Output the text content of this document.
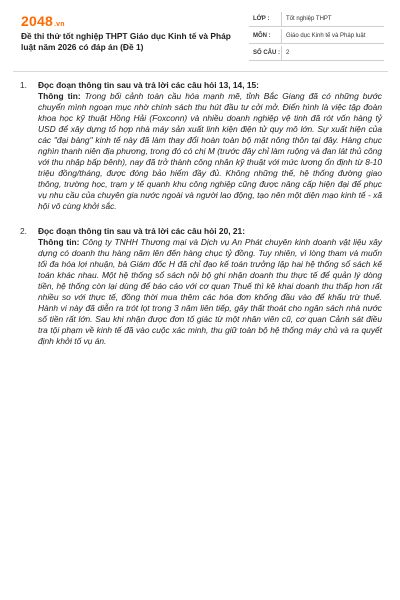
2048.vn
Đề thi thử tốt nghiệp THPT Giáo dục Kinh tế và Pháp luật năm 2026 có đáp án (Đề 1)
LỚP :	Tốt nghiệp THPT
MÔN :	Giáo dục Kinh tế và Pháp luật
SỐ CÂU :	2
1. Đọc đoạn thông tin sau và trả lời các câu hỏi 13, 14, 15:
Thông tin: Trong bối cảnh toàn cầu hóa mạnh mẽ, tỉnh Bắc Giang đã có những bước chuyển mình ngoạn mục nhờ chính sách thu hút đầu tư cởi mở. Điển hình là việc tập đoàn khoa học kỹ thuật Hồng Hải (Foxconn) và nhiều doanh nghiệp vệ tinh đã rót vốn hàng tỷ USD để xây dựng tổ hợp nhà máy sản xuất linh kiện điện tử quy mô lớn. Sự xuất hiện của các "đại bàng" kinh tế này đã làm thay đổi hoàn toàn bộ mặt nông thôn tại đây. Hàng chục nghìn thanh niên địa phương, trong đó có chị M (trước đây chỉ làm ruộng và đan lát thủ công với thu nhập bấp bênh), nay đã trở thành công nhân kỹ thuật với mức lương ổn định từ 8-10 triệu đồng/tháng, được đóng bảo hiểm đầy đủ. Không những thế, hệ thống đường giao thông, trường học, trạm y tế quanh khu công nghiệp cũng được nâng cấp hiện đại để phục vụ nhu cầu của chuyên gia nước ngoài và người lao động, tạo nên một diện mạo kinh tế - xã hội vô cùng khởi sắc.
2. Đọc đoạn thông tin sau và trả lời các câu hỏi 20, 21:
Thông tin: Công ty TNHH Thương mại và Dịch vụ An Phát chuyên kinh doanh vật liệu xây dựng có doanh thu hàng năm lên đến hàng chục tỷ đồng. Tuy nhiên, vì lòng tham và muốn tối đa hóa lợi nhuận, bà Giám đốc H đã chỉ đạo kế toán trưởng lập hai hệ thống sổ sách kế toán khác nhau. Một hệ thống sổ sách nội bộ ghi nhận doanh thu thực tế để quản lý dòng tiền, hệ thống còn lại dùng để báo cáo với cơ quan Thuế thì kê khai doanh thu thấp hơn rất nhiều so với thực tế, đồng thời mua thêm các hóa đơn khống đầu vào để khấu trừ thuế. Hành vi này đã diễn ra trót lọt trong 3 năm liên tiếp, gây thất thoát cho ngân sách nhà nước số tiền rất lớn. Sau khi nhận được đơn tố giác từ một nhân viên cũ, cơ quan Cảnh sát điều tra tội phạm về kinh tế đã vào cuộc xác minh, thu giữ toàn bộ hệ thống máy chủ và ra quyết định khởi tố vụ án.
